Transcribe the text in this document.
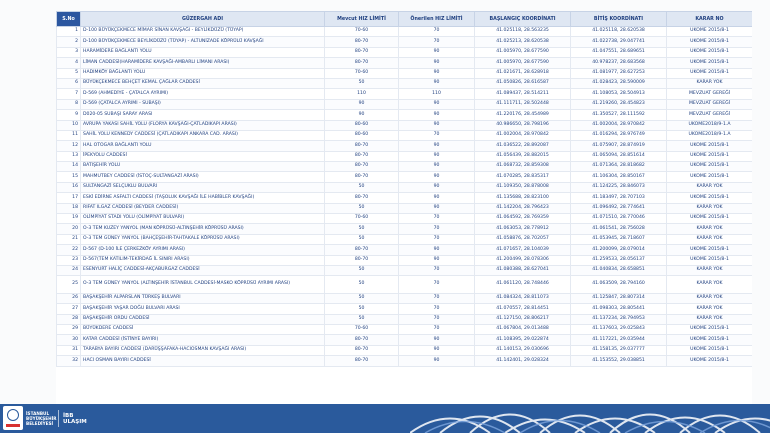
S.No	GÜZERGAH ADI	Mevcut HIZ LİMİTİ	Önerilen HIZ LİMİTİ	BAŞLANGIÇ KOORDİNATI	BİTİŞ KOORDİNATI	KARAR NO
1	D-100 BÜYÜKÇEKMECE MİMAR SİNAN KAVŞAĞI - BEYLİKDÜZÜ (TÜYAP)	70-60	70	41.025118, 28.563235	41.025118, 28.620538	UKOME 2015/8-1
2	D-100 BÜYÜKÇEKMECE BEYLİKDÜZÜ (TÜYAP) - ALTUNİZADE KÖPRÜLÜ KAVŞAĞI	80-70	70	41.025213, 28.620538	41.022738, 29.047741	UKOME 2015/8-1
3	HARAMİDERE BAĞLANTI YOLU	80-70	90	41.005970, 28.677590	41.047551, 28.689651	UKOME 2015/8-1
4	LİMAN CADDESİ(HARAMİDERE KAVŞAĞI-AMBARLI LİMANI ARASI)	80-70	90	41.005970, 28.677590	40.978237, 28.683568	UKOME 2015/8-1
5	HADIMKÖY BAĞLANTI YOLU	70-60	90	41.021671, 28.628918	41.081977, 28.627253	UKOME 2015/8-1
6	BÜYÜKÇEKMECE BEHÇET KEMAL ÇAĞLAR CADDESİ	50	90	41.050826, 28.616587	41.028423, 28.590009	KARAR YOK
7	D-569 (AHMEDİYE - ÇATALCA AYRIMI)	110	110	41.089437, 28.514211	41.108053, 28.504913	MEVZUAT GEREĞİ
8	D-569 (ÇATALCA AYRIMI - SUBAŞI)	90	90	41.111711, 28.502448	41.219260, 28.454823	MEVZUAT GEREĞİ
9	D020-05 SUBAŞI SARAY ARASI	90	90	41.220176, 28.454989	41.350527, 28.111592	MEVZUAT GEREĞİ
10	AVRUPA YAKASI SAHİL YOLU (FLORYA KAVŞAĞI-ÇATLADIKAPI ARASI)	80-60	90	40.986650, 28.798196	41.002004, 28.970842	UKOME2018/9-1.A
11	SAHİL YOLU KENNEDY CADDESİ (ÇATLADIKAPI ANKARA CAD. ARASI)	80-60	70	41.002004, 28.970842	41.016294, 28.976749	UKOME2018/9-1.A
12	HAL OTOGAR BAĞLANTI YOLU	80-70	90	41.036522, 28.892087	41.075907, 28.874919	UKOME 2015/8-1
13	İPEKYOLU CADDESİ	80-70	90	41.056439, 28.882015	41.065094, 28.851614	UKOME 2015/8-1
14	BATIŞEHİR YOLU	80-70	90	41.068732, 28.859308	41.071364, 28.818682	UKOME 2015/8-1
15	MAHMUTBEY CADDESİ (İSTOÇ-SULTANGAZİ ARASI)	80-70	90	41.070285, 28.835317	41.106304, 28.850167	UKOME 2015/8-1
16	SULTANGAZİ SELÇUKLU BULVARI	50	90	41.109350, 28.878008	41.124225, 28.846073	KARAR YOK
17	ESKİ EDİRNE ASFALTI CADDESİ (TAŞOLUK KAVŞAĞI İLE HABİBLER KAVŞAĞI)	80-70	90	41.135688, 28.823100	41.183497, 28.707103	UKOME 2015/8-1
18	RIFAT ILGAZ CADDESİ (BEYDER CADDESİ)	50	90	41.142204, 28.796423	41.096492, 28.774641	KARAR YOK
19	OLİMPİYAT STADI YOLU (OLİMPİYAT BULVARI)	70-60	70	41.064592, 28.769359	41.071510, 28.770046	UKOME 2015/8-1
20	O-3 TEM KUZEY YANYOL (MAN KÖPRÜSÜ-ALTINŞEHİR KÖPRÜSÜ ARASI)	50	70	41.063053, 28.778912	41.061541, 28.756028	KARAR YOK
21	O-3 TEM GÜNEY YANYOL (BAHÇEŞEHİR-TAHTAKALE KÖPRÜSÜ ARASI)	50	70	41.058876, 28.702057	41.053945, 28.718607	KARAR YOK
22	D-567 (D-100 İLE ÇERKEZKÖY AYRIMI ARASI)	80-70	90	41.071657, 28.104039	41.200099, 28.079014	UKOME 2015/8-1
23	D-567(TEM KATILIM-TEKİRDAĞ İL SINIRI ARASI)	80-70	90	41.200499, 28.078306	41.259533, 28.056137	UKOME 2015/8-1
24	ESENYURT HALİÇ CADDESİ-AKÇABURGAZ CADDESİ	50	70	41.080388, 28.627041	41.040834, 28.658851	KARAR YOK
25	O-3 TEM GÜNEY YANYOL (ALTINŞEHİR İSTANBUL CADDESİ-MASKO KÖPRÜSÜ AYRIMI ARASI)	50	70	41.061120, 28.748446	41.063509, 28.794160	KARAR YOK
26	BAŞAKŞEHİR ALPARSLAN TÜRKEŞ BULVARI	50	70	41.084324, 28.811073	41.125847, 28.807314	KARAR YOK
27	BAŞAKŞEHİR YAŞAR DOĞU BULVARI ARASI	50	70	41.070557, 28.814451	41.098303, 28.805441	KARAR YOK
28	BAŞAKŞEHİR ORDU CADDESİ	50	70	41.127150, 28.806217	41.137234, 28.794953	KARAR YOK
29	BÜYÜKDERE CADDESİ	70-60	70	41.067804, 29.013488	41.137603, 29.025843	UKOME 2015/8-1
30	KATAR CADDESİ (İSTİNYE BAYIRI)	80-70	90	41.108395, 29.022874	41.117221, 29.035944	UKOME 2015/8-1
31	TARABYA BAYIRI CADDESİ (DARÜŞŞAFAKA-HACIOSMAN KAVŞAĞI ARASI)	80-70	90	41.140153, 29.030696	41.158135, 29.037777	UKOME 2015/8-1
32	HACI OSMAN BAYIRI CADDESİ	80-70	90	41.142401, 29.028324	41.153552, 29.038851	UKOME 2015/8-1
İSTANBUL
BÜYÜKŞEHİR
BELEDİYESİ
İBB
ULAŞIM
